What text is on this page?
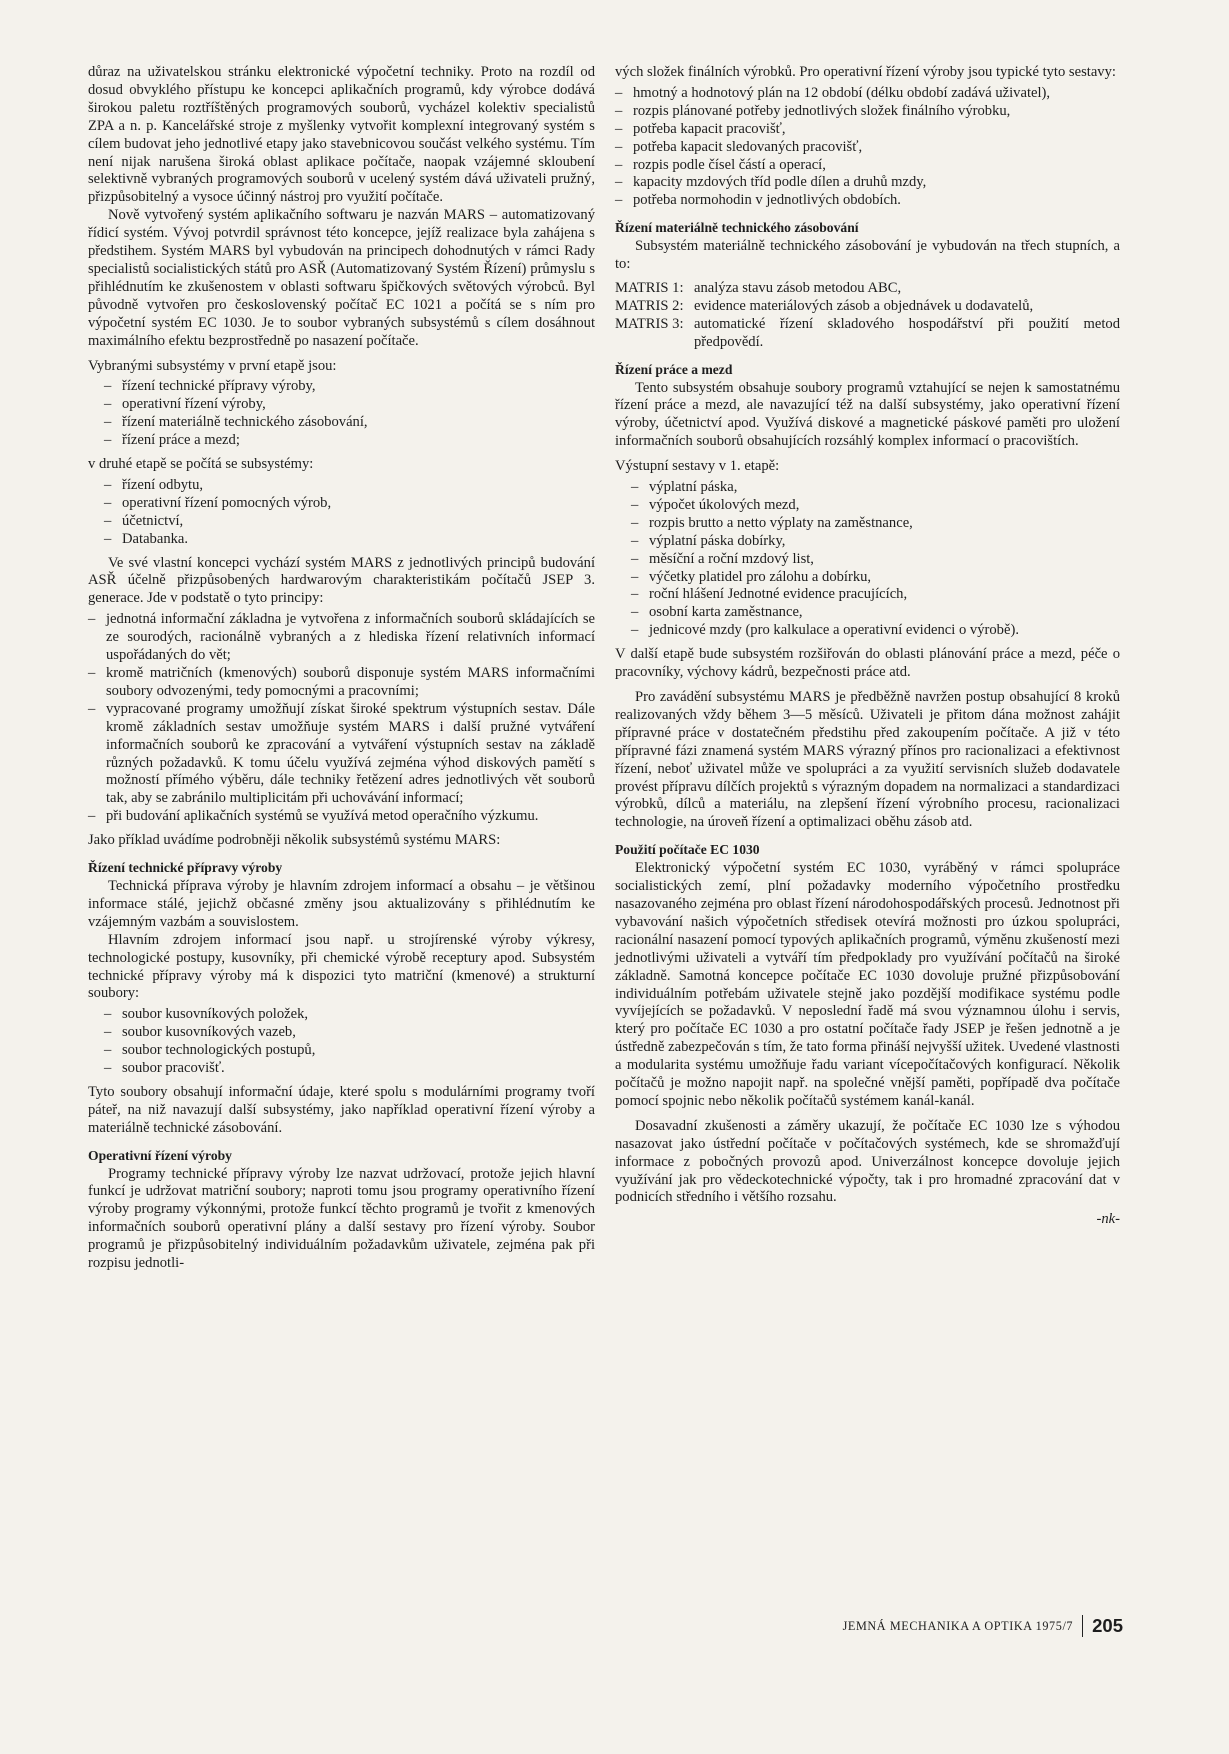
důraz na uživatelskou stránku elektronické výpočetní techniky. Proto na rozdíl od dosud obvyklého přístupu ke koncepci aplikačních programů, kdy výrobce dodává širokou paletu roztříštěných programových souborů, vycházel kolektiv specialistů ZPA a n. p. Kancelářské stroje z myšlenky vytvořit komplexní integrovaný systém s cílem budovat jeho jednotlivé etapy jako stavebnicovou součást velkého systému. Tím není nijak narušena široká oblast aplikace počítače, naopak vzájemné skloubení selektivně vybraných programových souborů v ucelený systém dává uživateli pružný, přizpůsobitelný a vysoce účinný nástroj pro využití počítače.

Nově vytvořený systém aplikačního softwaru je nazván MARS – automatizovaný řídicí systém. Vývoj potvrdil správnost této koncepce, jejíž realizace byla zahájena s předstihem. Systém MARS byl vybudován na principech dohodnutých v rámci Rady specialistů socialistických států pro ASŘ (Automatizovaný Systém Řízení) průmyslu s přihlédnutím ke zkušenostem v oblasti softwaru špičkových světových výrobců. Byl původně vytvořen pro československý počítač EC 1021 a počítá se s ním pro výpočetní systém EC 1030. Je to soubor vybraných subsystémů s cílem dosáhnout maximálního efektu bezprostředně po nasazení počítače.

Vybranými subsystémy v první etapě jsou:

– řízení technické přípravy výroby,
– operativní řízení výroby,
– řízení materiálně technického zásobování,
– řízení práce a mezd;

v druhé etapě se počítá se subsystémy:

– řízení odbytu,
– operativní řízení pomocných výrob,
– účetnictví,
– Databanka.

Ve své vlastní koncepci vychází systém MARS z jednotlivých principů budování ASŘ účelně přizpůsobených hardwarovým charakteristikám počítačů JSEP 3. generace. Jde v podstatě o tyto principy:

– jednotná informační základna je vytvořena z informačních souborů skládajících se ze sourodých, racionálně vybraných a z hlediska řízení relativních informací uspořádaných do vět;
– kromě matričních (kmenových) souborů disponuje systém MARS informačními soubory odvozenými, tedy pomocnými a pracovními;
– vypracované programy umožňují získat široké spektrum výstupních sestav. Dále kromě základních sestav umožňuje systém MARS i další pružné vytváření informačních souborů ke zpracování a vytváření výstupních sestav na základě různých požadavků. K tomu účelu využívá zejména výhod diskových pamětí s možností přímého výběru, dále techniky řetězení adres jednotlivých vět souborů tak, aby se zabránilo multiplicitám při uchovávání informací;
– při budování aplikačních systémů se využívá metod operačního výzkumu.

Jako příklad uvádíme podrobněji několik subsystémů systému MARS:

Řízení technické přípravy výroby

Technická příprava výroby je hlavním zdrojem informací a obsahu – je většinou informace stálé, jejichž občasné změny jsou aktualizovány s přihlédnutím ke vzájemným vazbám a souvislostem.

Hlavním zdrojem informací jsou např. u strojírenské výroby výkresy, technologické postupy, kusovníky, při chemické výrobě receptury apod. Subsystém technické přípravy výroby má k dispozici tyto matriční (kmenové) a strukturní soubory:

– soubor kusovníkových položek,
– soubor kusovníkových vazeb,
– soubor technologických postupů,
– soubor pracovišť.

Tyto soubory obsahují informační údaje, které spolu s modulárními programy tvoří páteř, na niž navazují další subsystémy, jako například operativní řízení výroby a materiálně technické zásobování.

Operativní řízení výroby

Programy technické přípravy výroby lze nazvat udržovací, protože jejich hlavní funkcí je udržovat matriční soubory; naproti tomu jsou programy operativního řízení výroby programy výkonnými, protože funkcí těchto programů je tvořit z kmenových informačních souborů operativní plány a další sestavy pro řízení výroby. Soubor programů je přizpůsobitelný individuálním požadavkům uživatele, zejména pak při rozpisu jednotli-

vých složek finálních výrobků. Pro operativní řízení výroby jsou typické tyto sestavy:

– hmotný a hodnotový plán na 12 období (délku období zadává uživatel),
– rozpis plánované potřeby jednotlivých složek finálního výrobku,
– potřeba kapacit pracovišť,
– potřeba kapacit sledovaných pracovišť,
– rozpis podle čísel částí a operací,
– kapacity mzdových tříd podle dílen a druhů mzdy,
– potřeba normohodin v jednotlivých obdobích.
Řízení materiálně technického zásobování

Subsystém materiálně technického zásobování je vybudován na třech stupních, a to:

MATRIS 1: analýza stavu zásob metodou ABC,
MATRIS 2: evidence materiálových zásob a objednávek u dodavatelů,
MATRIS 3: automatické řízení skladového hospodářství při použití metod předpovědí.
Řízení práce a mezd

Tento subsystém obsahuje soubory programů vztahující se nejen k samostatnému řízení práce a mezd, ale navazující též na další subsystémy, jako operativní řízení výroby, účetnictví apod. Využívá diskové a magnetické páskové paměti pro uložení informačních souborů obsahujících rozsáhlý komplex informací o pracovištích.

Výstupní sestavy v 1. etapě:

– výplatní páska,
– výpočet úkolových mezd,
– rozpis brutto a netto výplaty na zaměstnance,
– výplatní páska dobírky,
– měsíční a roční mzdový list,
– výčetky platidel pro zálohu a dobírku,
– roční hlášení Jednotné evidence pracujících,
– osobní karta zaměstnance,
– jednicové mzdy (pro kalkulace a operativní evidenci o výrobě).

V další etapě bude subsystém rozšiřován do oblasti plánování práce a mezd, péče o pracovníky, výchovy kádrů, bezpečnosti práce atd.

Pro zavádění subsystému MARS je předběžně navržen postup obsahující 8 kroků realizovaných vždy během 3—5 měsíců. Uživateli je přitom dána možnost zahájit přípravné práce v dostatečném předstihu před zakoupením počítače. A již v této přípravné fázi znamená systém MARS výrazný přínos pro racionalizaci a efektivnost řízení, neboť uživatel může ve spolupráci a za využití servisních služeb dodavatele provést přípravu dílčích projektů s výrazným dopadem na normalizaci a standardizaci výrobků, dílců a materiálu, na zlepšení řízení výrobního procesu, racionalizaci technologie, na úroveň řízení a optimalizaci oběhu zásob atd.

Použití počítače EC 1030

Elektronický výpočetní systém EC 1030, vyráběný v rámci spolupráce socialistických zemí, plní požadavky moderního výpočetního prostředku nasazovaného zejména pro oblast řízení národohospodářských procesů. Jednotnost při vybavování našich výpočetních středisek otevírá možnosti pro úzkou spolupráci, racionální nasazení pomocí typových aplikačních programů, výměnu zkušeností mezi jednotlivými uživateli a vytváří tím předpoklady pro využívání počítačů na široké základně. Samotná koncepce počítače EC 1030 dovoluje pružné přizpůsobování individuálním potřebám uživatele stejně jako pozdější modifikace systému podle vyvíjejících se požadavků. V neposlední řadě má svou významnou úlohu i servis, který pro počítače EC 1030 a pro ostatní počítače řady JSEP je řešen jednotně a je ústředně zabezpečován s tím, že tato forma přináší nejvyšší užitek. Uvedené vlastnosti a modularita systému umožňuje řadu variant vícepočítačových konfigurací. Několik počítačů je možno napojit např. na společné vnější paměti, popřípadě dva počítače pomocí spojnic nebo několik počítačů systémem kanál-kanál.

Dosavadní zkušenosti a záměry ukazují, že počítače EC 1030 lze s výhodou nasazovat jako ústřední počítače v počítačových systémech, kde se shromažďují informace z pobočných provozů apod. Univerzálnost koncepce dovoluje jejich využívání jak pro vědeckotechnické výpočty, tak i pro hromadné zpracování dat v podnicích středního i většího rozsahu.

-nk-
JEMNÁ MECHANIKA A OPTIKA 1975/7 205
